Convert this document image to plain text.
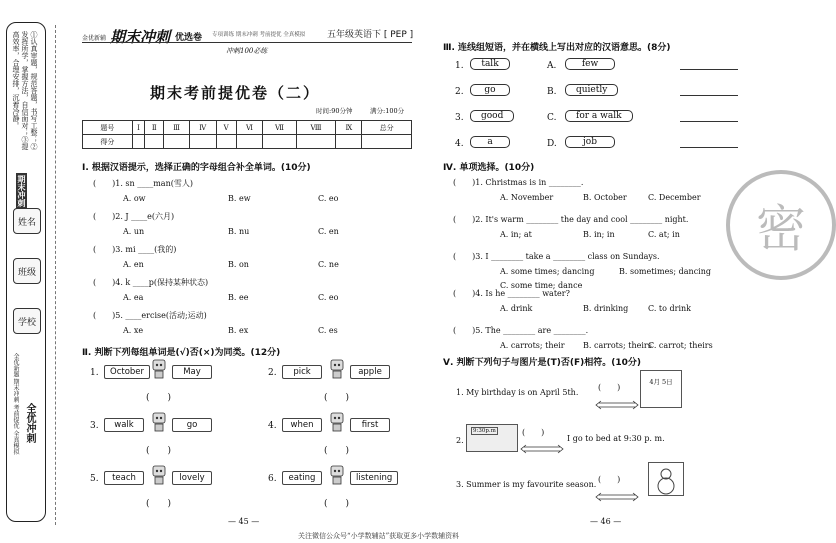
①认真审题，规范答题，书写工整；②发挥所学，掌握方法，自信面对；③提高效率，合理安排，沉着冷静。
期末冲刺
姓名
班级
学校
全优新题 期末冲刺 考前提优 全真模拟 全优冲刺
金优新辅 期末冲刺 优选卷 专项训练 期末冲刺 考前提优 全真模拟 五年级英语下 [ PEP ]
冲刺100必练
期末考前提优卷（二）
时间:90分钟	满分:100分
题号	Ⅰ	Ⅱ	Ⅲ	Ⅳ	Ⅴ	Ⅵ	Ⅶ	Ⅷ	Ⅸ	总分
得分										
Ⅰ. 根据汉语提示，选择正确的字母组合补全单词。(10分)
(　　)1. sn ____man(雪人)
A. ow	B. ew	C. eo
(　　)2. J ____e(六月)
A. un	B. nu	C. en
(　　)3. mi ____(我的)
A. en	B. on	C. ne
(　　)4. k ____p(保持某种状态)
A. ea	B. ee	C. eo
(　　)5. ____ercise(活动;运动)
A. xe	B. ex	C. es
Ⅱ. 判断下列每组单词是(√)否(×)为同类。(12分)
1.	October	May
(　　)
2.	pick	apple
(　　)
3.	walk	go
(　　)
4.	when	first
(　　)
5.	teach	lovely
(　　)
6.	eating	listening
(　　)
— 45 —
Ⅲ. 连线组短语，并在横线上写出对应的汉语意思。(8分)
1.	talk	A.	few
2.	go	B.	quietly
3.	good	C.	for a walk
4.	a	D.	job
Ⅳ. 单项选择。(10分)
(　　)1. Christmas is in ________.
A. November	B. October	C. December
(　　)2. It's warm ________ the day and cool ________ night.
A. in; at	B. in; in	C. at; in
(　　)3. I ________ take a ________ class on Sundays.
A. some times; dancing	B. sometimes; dancing
C. some time; dance
(　　)4. Is he ________ water?
A. drink	B. drinking C. to drink
(　　)5. The ________ are ________.
A. carrots; their B. carrots; theirs
C. carrot; theirs
Ⅴ. 判断下列句子与图片是(T)否(F)相符。(10分)
1. My birthday is on April 5th.
(　　)
4月 5日
2.
9:30p.m	(　　)
I go to bed at 9:30 p. m.
3. Summer is my favourite season.
(　　)
密
— 46 —
关注微信公众号“小学数辅站”获取更多小学数辅资料
